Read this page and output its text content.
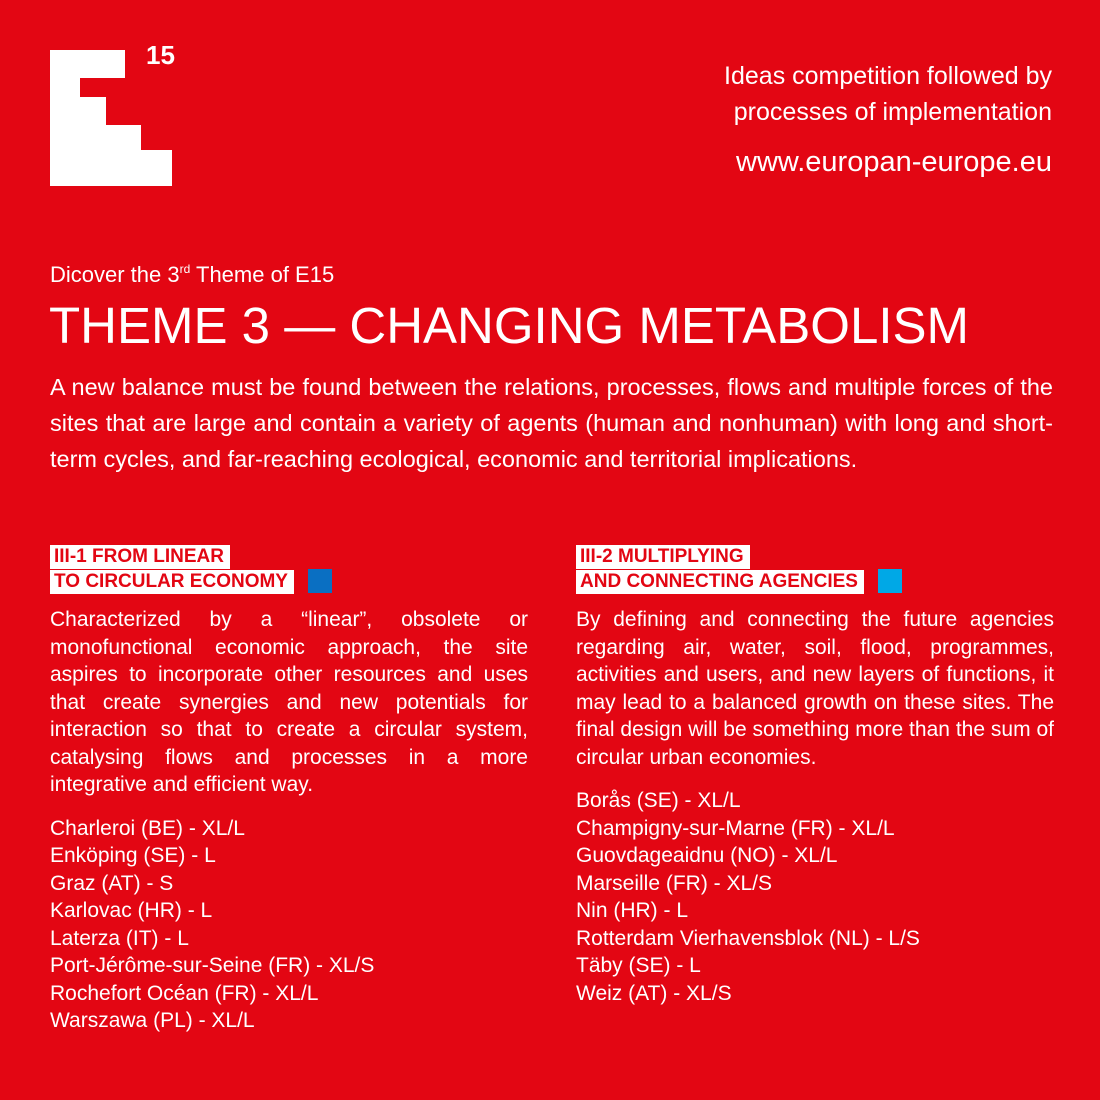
15
Ideas competition followed by
processes of implementation
www.europan-europe.eu
Dicover the 3rd Theme of E15
THEME 3 — CHANGING METABOLISM
A new balance must be found between the relations, processes, flows and multiple forces of the sites that are large and contain a variety of agents (human and nonhuman) with long and short-term cycles, and far-reaching ecological, economic and territorial implications.
III-1 FROM LINEAR
TO CIRCULAR ECONOMY
Characterized by a “linear”, obsolete or monofunctional economic approach, the site aspires to incorporate other resources and uses that create synergies and new potentials for interaction so that to create a circular system, catalysing flows and processes in a more integrative and efficient way.
Charleroi (BE) - XL/L
Enköping (SE) - L
Graz (AT) - S
Karlovac (HR) - L
Laterza (IT) - L
Port-Jérôme-sur-Seine (FR) - XL/S
Rochefort Océan (FR) - XL/L
Warszawa (PL) - XL/L
III-2 MULTIPLYING
AND CONNECTING AGENCIES
By defining and connecting the future agencies regarding air, water, soil, flood, programmes, activities and users, and new layers of functions, it may lead to a balanced growth on these sites. The final design will be something more than the sum of circular urban economies.
Borås (SE) - XL/L
Champigny-sur-Marne (FR) - XL/L
Guovdageaidnu (NO) - XL/L
Marseille (FR) - XL/S
Nin (HR) - L
Rotterdam Vierhavensblok (NL) - L/S
Täby (SE) - L
Weiz (AT) - XL/S
